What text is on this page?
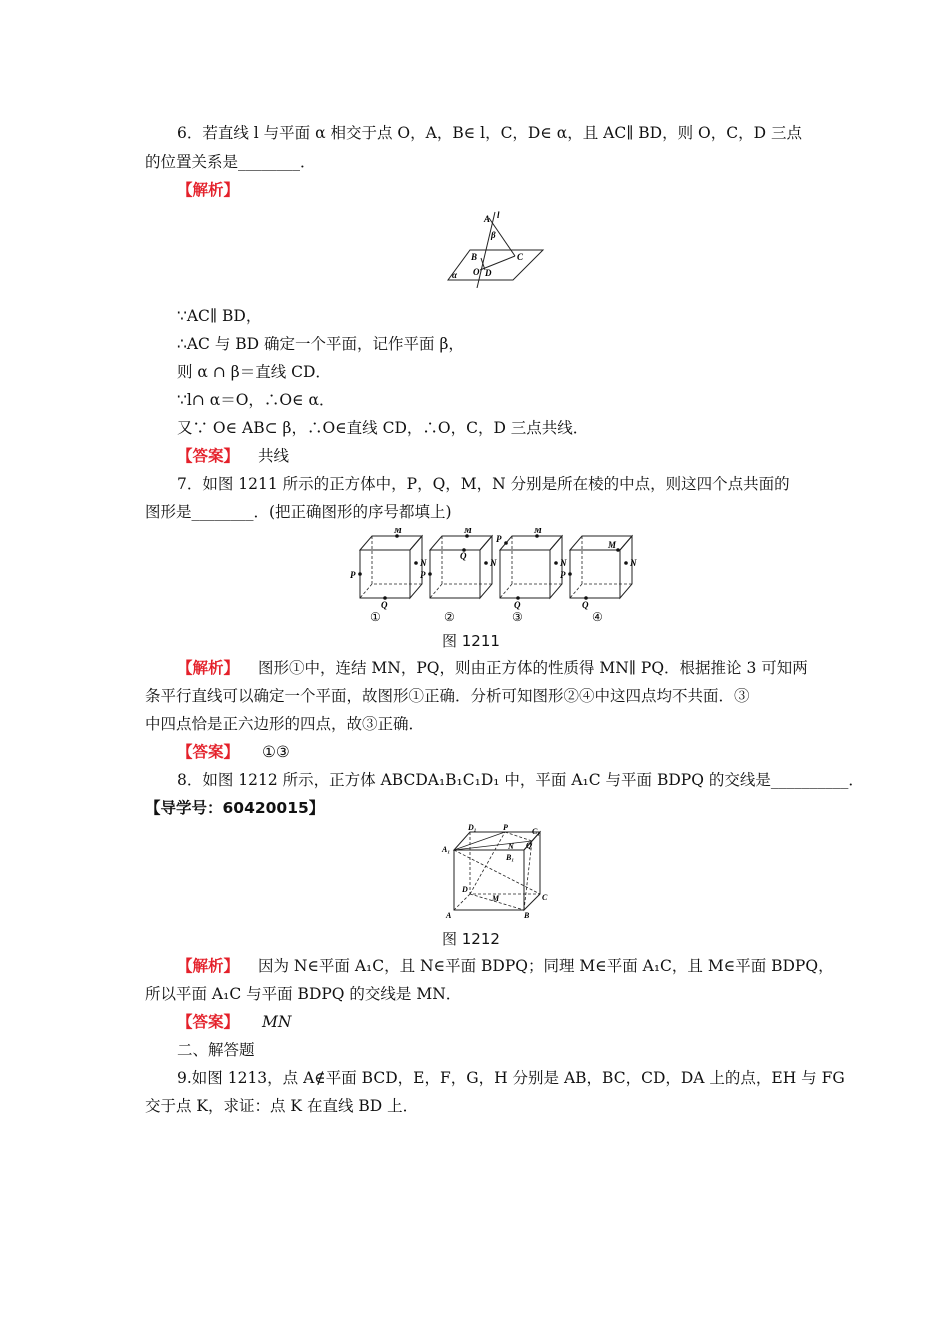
6．若直线 l 与平面 α 相交于点 O，A，B∈ l，C，D∈ α，且 AC∥ BD，则 O，C，D 三点
的位置关系是________．
【解析】
A l
β
B	C
O D
α
∵AC∥ BD，
∴AC 与 BD 确定一个平面，记作平面 β，
则 α ∩ β＝直线 CD．
∵l∩ α＝O，∴O∈ α．
又∵ O∈ AB⊂ β，∴O∈直线 CD，∴O，C，D 三点共线．
【答案】 共线
7．如图 1211 所示的正方体中，P，Q，M，N 分别是所在棱的中点，则这四个点共面的
图形是________．(把正确图形的序号都填上)
M
N
P
Q
M
N
P
Q
M
N
P
Q
M
N
P
Q
①	②	③	④
图 1211
【解析】 图形①中，连结 MN，PQ，则由正方体的性质得 MN∥ PQ．根据推论 3 可知两
条平行直线可以确定一个平面，故图形①正确．分析可知图形②④中这四点均不共面．③
中四点恰是正六边形的四点，故③正确．
【答案】 ①③
8．如图 1212 所示，正方体 ABCDA₁B₁C₁D₁ 中，平面 A₁C 与平面 BDPQ 的交线是__________．
【导学号：60420015】
D₁	P	C₁
A₁	N Q
B₁
D
M	C
A	B
图 1212
【解析】 因为 N∈平面 A₁C，且 N∈平面 BDPQ；同理 M∈平面 A₁C，且 M∈平面 BDPQ，
所以平面 A₁C 与平面 BDPQ 的交线是 MN．
【答案】 MN
二、解答题
9.如图 1213，点 A∉平面 BCD，E，F，G，H 分别是 AB，BC，CD，DA 上的点，EH 与 FG
交于点 K，求证：点 K 在直线 BD 上．
